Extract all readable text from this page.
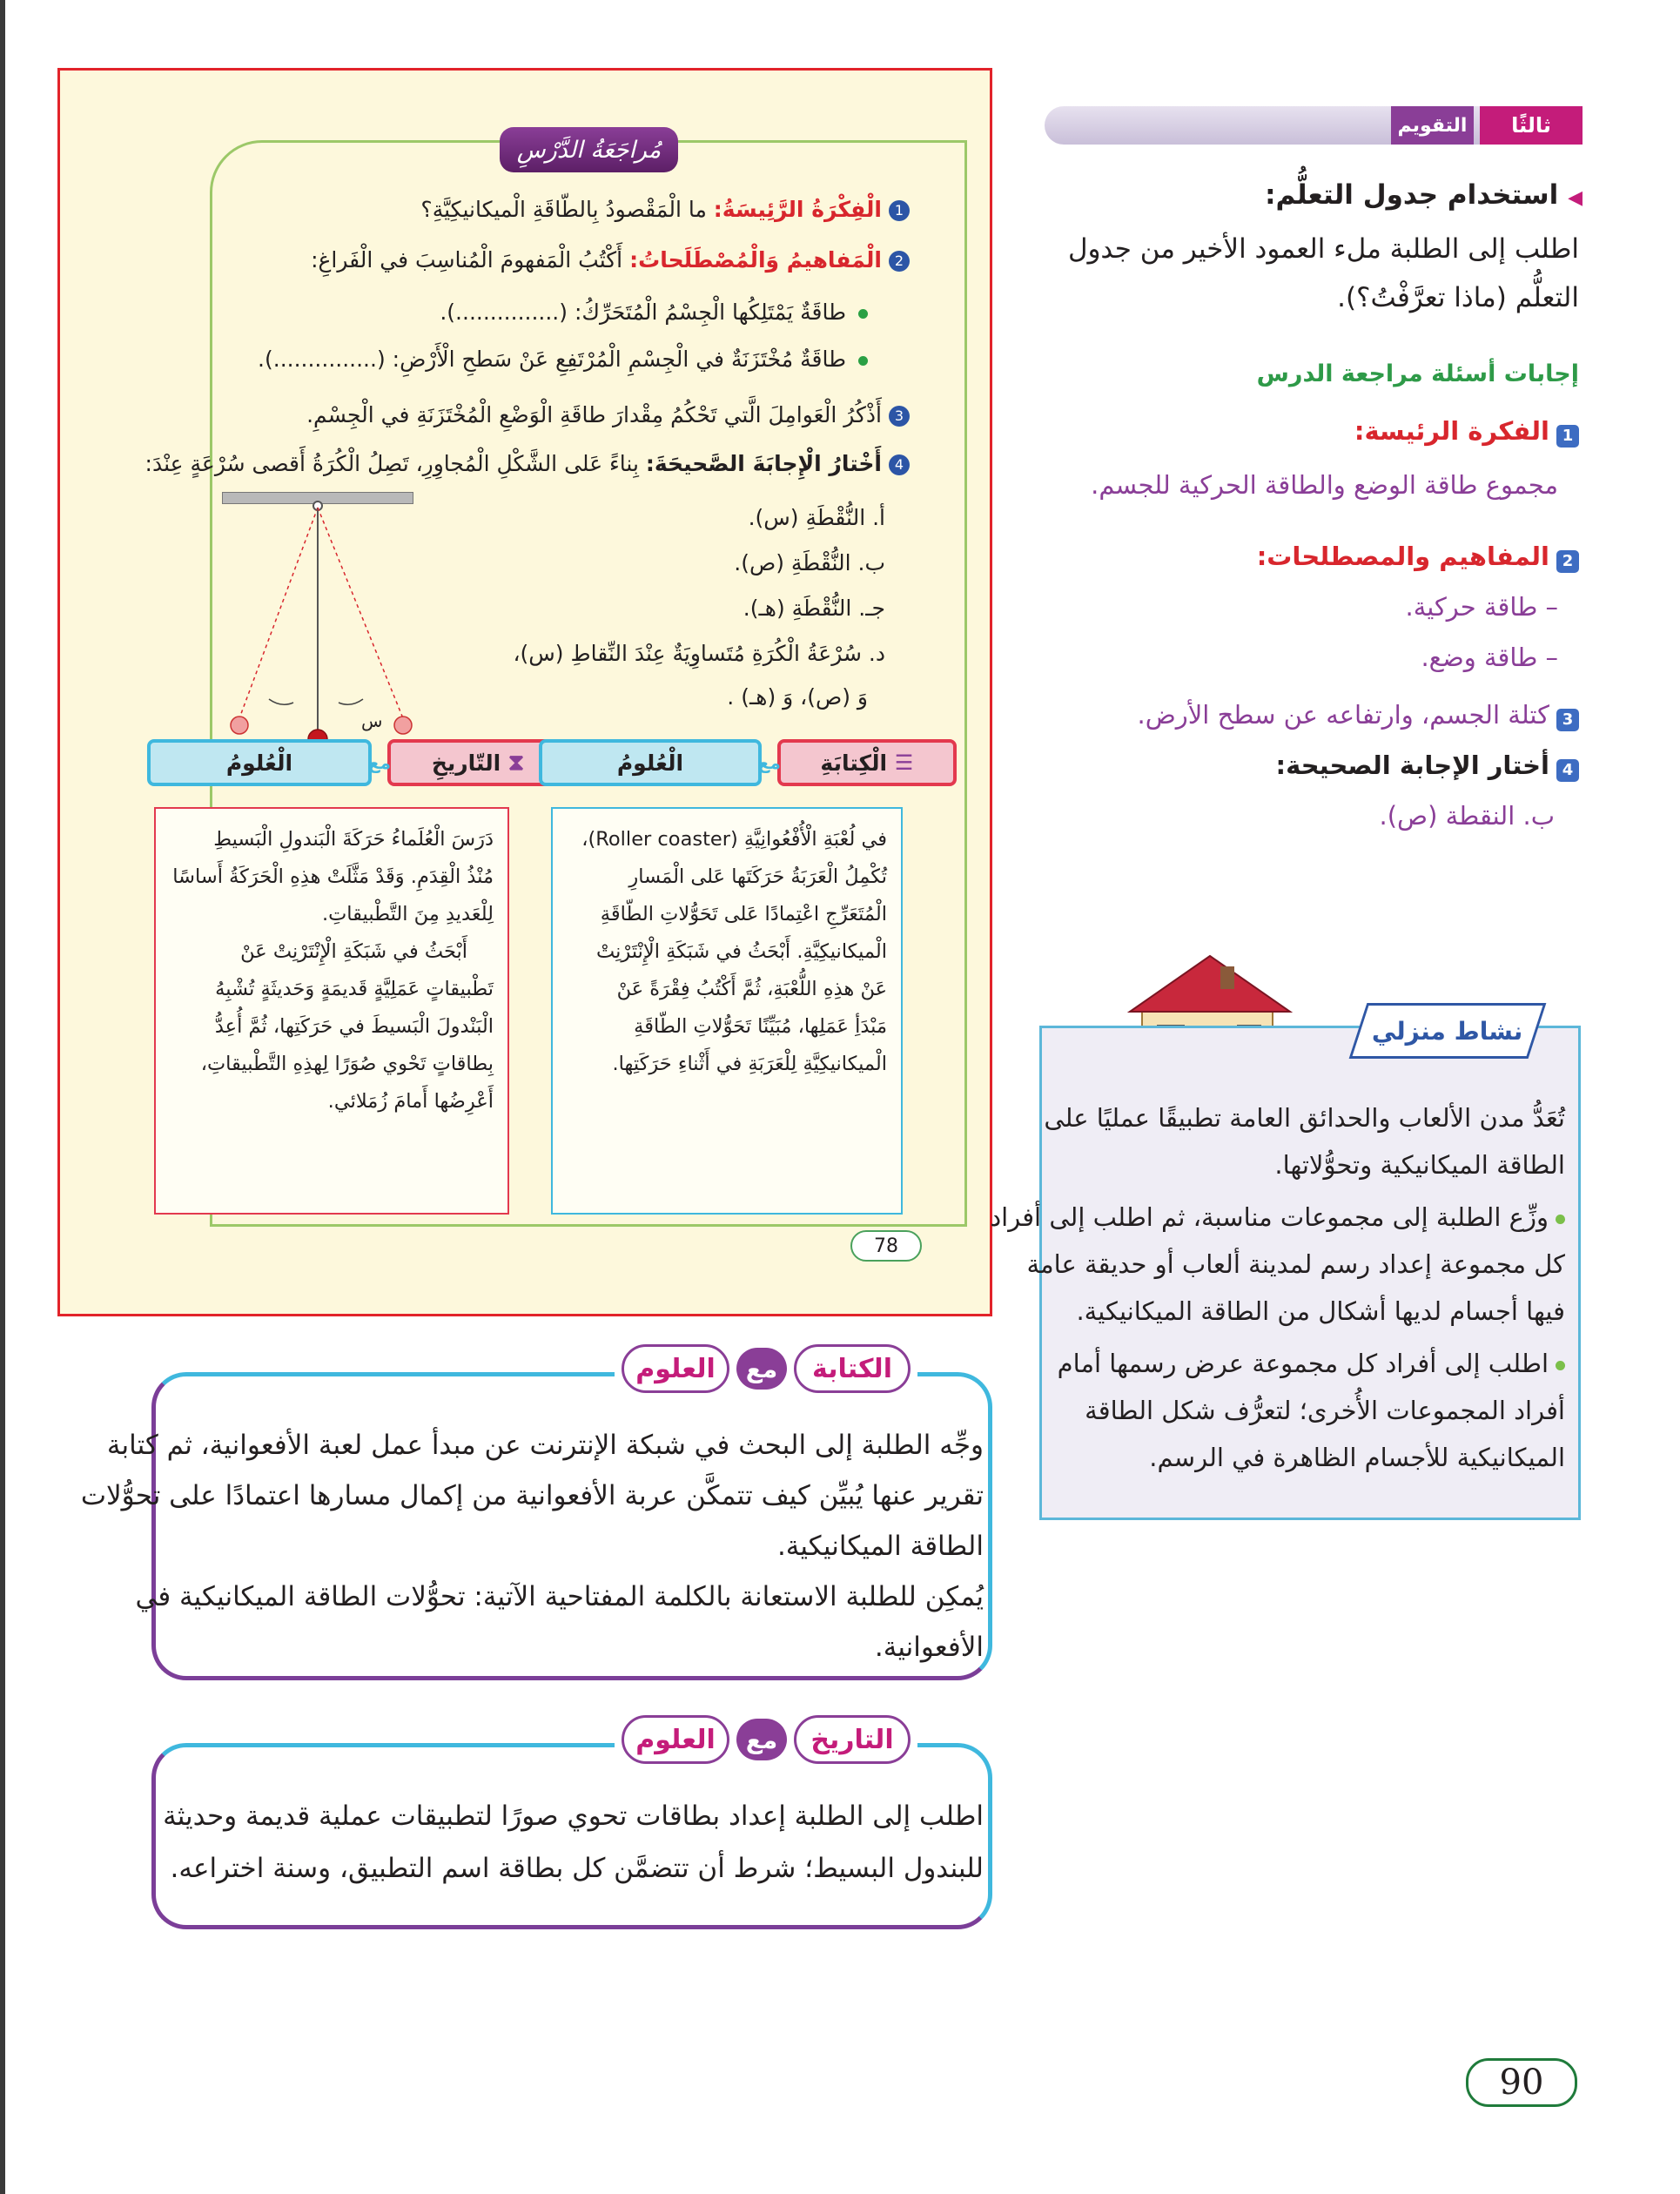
مُراجَعَةُ الدَّرْسِ
1الْفِكْرَةُ الرَّئِيسَةُ: ما الْمَقْصودُ بِالطّاقَةِ الْميكانيكِيَّةِ؟
2الْمَفاهيمُ وَالْمُصْطَلَحاتُ: أَكْتُبُ الْمَفهومَ الْمُناسِبَ في الْفَراغِ:
طاقَةٌ يَمْتَلِكُها الْجِسْمُ الْمُتَحَرِّكُ: (...............).
طاقَةٌ مُخْتَزَنَةٌ في الْجِسْمِ الْمُرْتَفِعِ عَنْ سَطحِ الْأَرْضِ: (...............).
3أَذْكُرُ الْعَوامِلَ الَّتي تَحْكُمُ مِقْدارَ طاقَةِ الْوَضْعِ الْمُخْتَزَنَةِ في الْجِسْمِ.
4أَخْتارُ الْإِجابَةَ الصَّحيحَةَ: بِناءً عَلى الشَّكْلِ الْمُجاوِرِ، تَصِلُ الْكُرَةُ أَقصى سُرْعَةٍ عِنْدَ:
أ. النُّقْطَةِ (س).
ب. النُّقْطَةِ (ص).
جـ. النُّقْطَةِ (هـ).
د. سُرْعَةُ الْكُرَةِ مُتَساوِيَةٌ عِنْدَ النِّقاطِ (س)،
وَ (ص)، وَ (هـ) .
س
⧗

التّاريخِ
مع
الْعُلومُ	☰

الْكِتابَةِ
مع
الْعُلومُ
دَرَسَ الْعُلَماءُ حَرَكَةَ الْبَندولِ الْبَسيطِ
مُنْذُ الْقِدَمِ. وَقَدْ مَثَّلَتْ هذِهِ الْحَرَكَةُ أَساسًا
لِلْعَديدِ مِنَ التَّطْبيقاتِ.
أَبْحَثُ في شَبَكَةِ الْإِنْتَرْنِتْ عَنْ
تَطْبيقاتٍ عَمَلِيَّةٍ قَديمَةٍ وَحَديثَةٍ تُشْبِهُ
الْبَنْدولَ الْبَسيطَ في حَرَكَتِها، ثُمَّ أُعِدُّ
بِطاقاتٍ تَحْوي صُوَرًا لِهذِهِ التَّطْبيقاتِ،
أَعْرِضُها أَمامَ زُمَلائي.
في لُعْبَةِ الْأُفْعُوانِيَّةِ (Roller coaster)،
تُكْمِلُ الْعَرَبَةُ حَرَكَتَها عَلى الْمَسارِ
الْمُتَعَرِّجِ اعْتِمادًا عَلى تَحَوُّلاتِ الطّاقَةِ
الْميكانيكِيَّةِ. أَبْحَثُ في شَبَكَةِ الْإِنْتَرْنِتْ
عَنْ هذِهِ اللُّعْبَةِ، ثُمَّ أَكْتُبُ فِقْرَةً عَنْ
مَبْدَأِ عَمَلِها، مُبَيِّنًا تَحَوُّلاتِ الطّاقَةِ
الْميكانيكِيَّةِ لِلْعَرَبَةِ في أَثْناءِ حَرَكَتِها.
78
التقويم	ثالثًا
◀ استخدام جدول التعلُّم:
اطلب إلى الطلبة ملء العمود الأخير من جدول
التعلُّم (ماذا تعرَّفْتُ؟).
إجابات أسئلة مراجعة الدرس
1الفكرة الرئيسة:
مجموع طاقة الوضع والطاقة الحركية للجسم.
2المفاهيم والمصطلحات:
– طاقة حركية.
– طاقة وضع.
3كتلة الجسم، وارتفاعه عن سطح الأرض.
4أختار الإجابة الصحيحة:
ب. النقطة (ص).
نشاط منزلي
تُعَدُّ مدن الألعاب والحدائق العامة تطبيقًا عمليًا على
الطاقة الميكانيكية وتحوُّلاتها.
وزِّع الطلبة إلى مجموعات مناسبة، ثم اطلب إلى أفراد
كل مجموعة إعداد رسم لمدينة ألعاب أو حديقة عامة
فيها أجسام لديها أشكال من الطاقة الميكانيكية.
اطلب إلى أفراد كل مجموعة عرض رسمها أمام
أفراد المجموعات الأُخرى؛ لتعرُّف شكل الطاقة
الميكانيكية للأجسام الظاهرة في الرسم.
الكتابة
مع
العلوم
وجِّه الطلبة إلى البحث في شبكة الإنترنت عن مبدأ عمل لعبة الأفعوانية، ثم كتابة
تقرير عنها يُبيِّن كيف تتمكَّن عربة الأفعوانية من إكمال مسارها اعتمادًا على تحوُّلات
الطاقة الميكانيكية.
يُمكِن للطلبة الاستعانة بالكلمة المفتاحية الآتية: تحوُّلات الطاقة الميكانيكية في
الأفعوانية.
التاريخ
مع
العلوم
اطلب إلى الطلبة إعداد بطاقات تحوي صورًا لتطبيقات عملية قديمة وحديثة
للبندول البسيط؛ شرط أن تتضمَّن كل بطاقة اسم التطبيق، وسنة اختراعه.
90
